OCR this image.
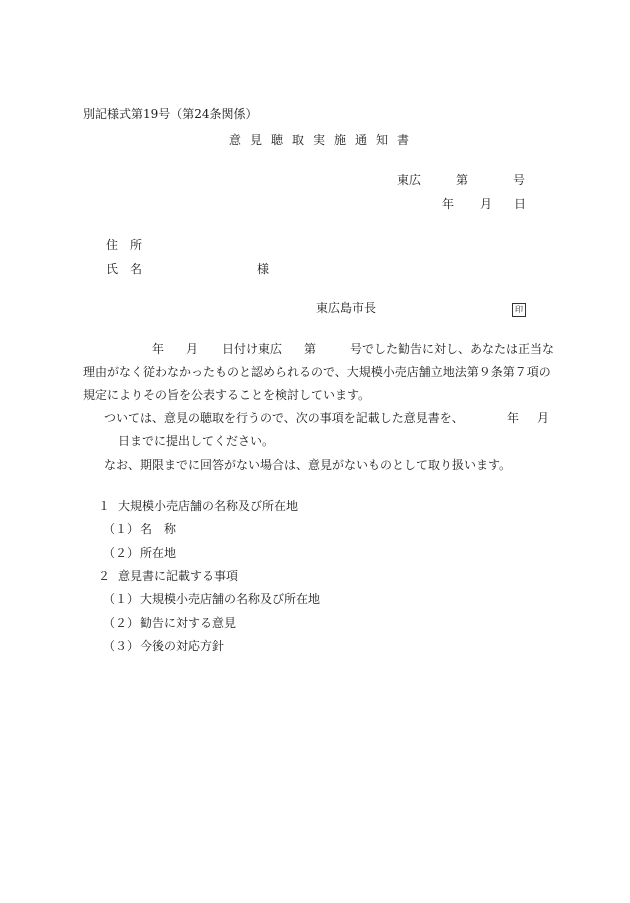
別記様式第19号（第24条関係）
意見聴取実施通知書
東広	第	号
年 月 日
住　所
氏　名	様
東広島市長	印
年 月 日付け東広 第	号でした勧告に対し、あなたは正当な
理由がなく従わなかったものと認められるので、大規模小売店舗立地法第９条第７項の
規定によりその旨を公表することを検討しています。
ついては、意見の聴取を行うので、次の事項を記載した意見書を、	年 月
日までに提出してください。
なお、期限までに回答がない場合は、意見がないものとして取り扱います。
１ 大規模小売店舗の名称及び所在地
（１） 名　称
（２） 所在地
２ 意見書に記載する事項
（１） 大規模小売店舗の名称及び所在地
（２） 勧告に対する意見
（３） 今後の対応方針
